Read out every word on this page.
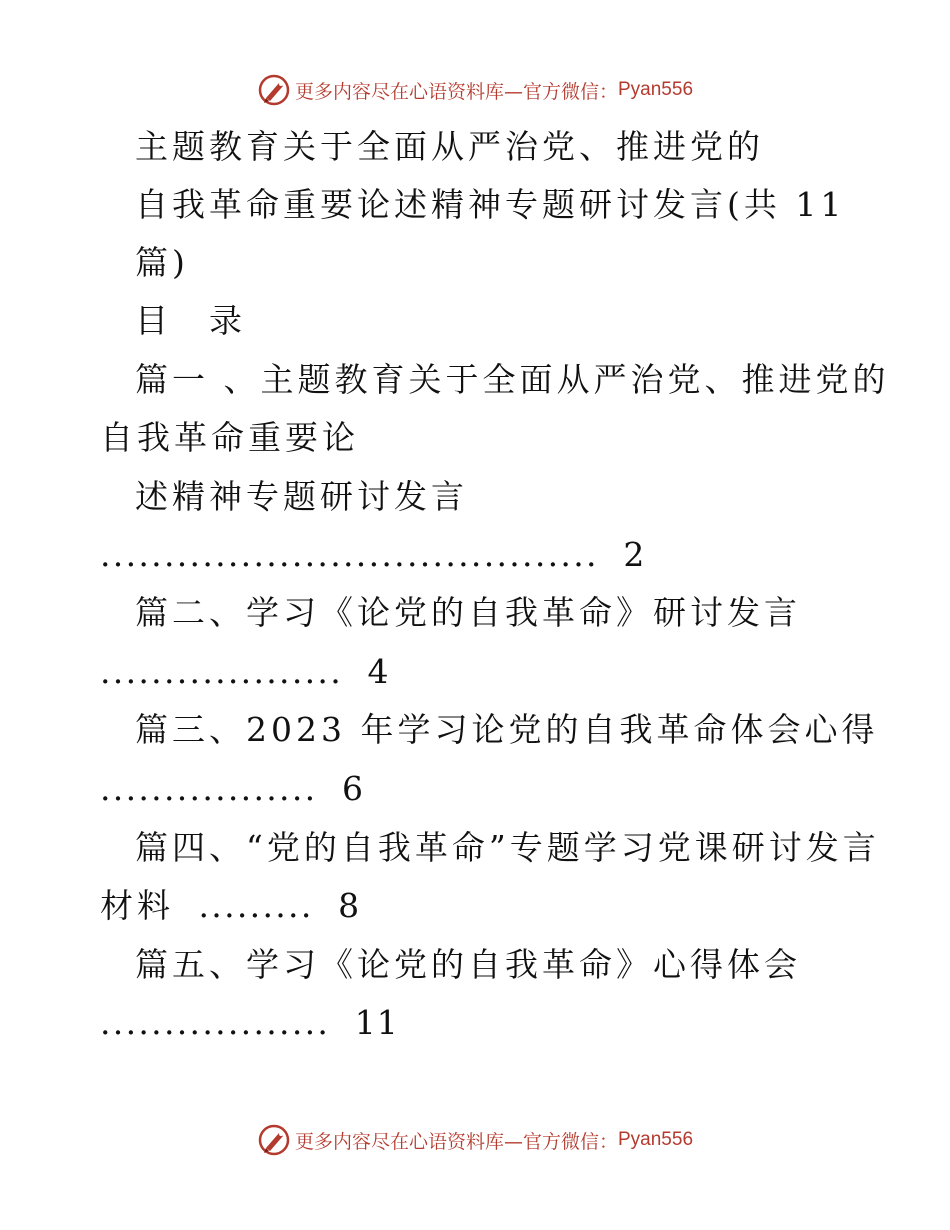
更多内容尽在心语资料库—官方微信： Pyan556
主题教育关于全面从严治党、推进党的
自我革命重要论述精神专题研讨发言(共 11
篇)
目　录
篇一 、主题教育关于全面从严治党、推进党的
自我革命重要论
述精神专题研讨发言
....................................... 2
篇二、学习《论党的自我革命》研讨发言
................... 4
篇三、2023 年学习论党的自我革命体会心得
................. 6
篇四、“党的自我革命”专题学习党课研讨发言
材料 ......... 8
篇五、学习《论党的自我革命》心得体会
.................. 11
更多内容尽在心语资料库—官方微信： Pyan556
